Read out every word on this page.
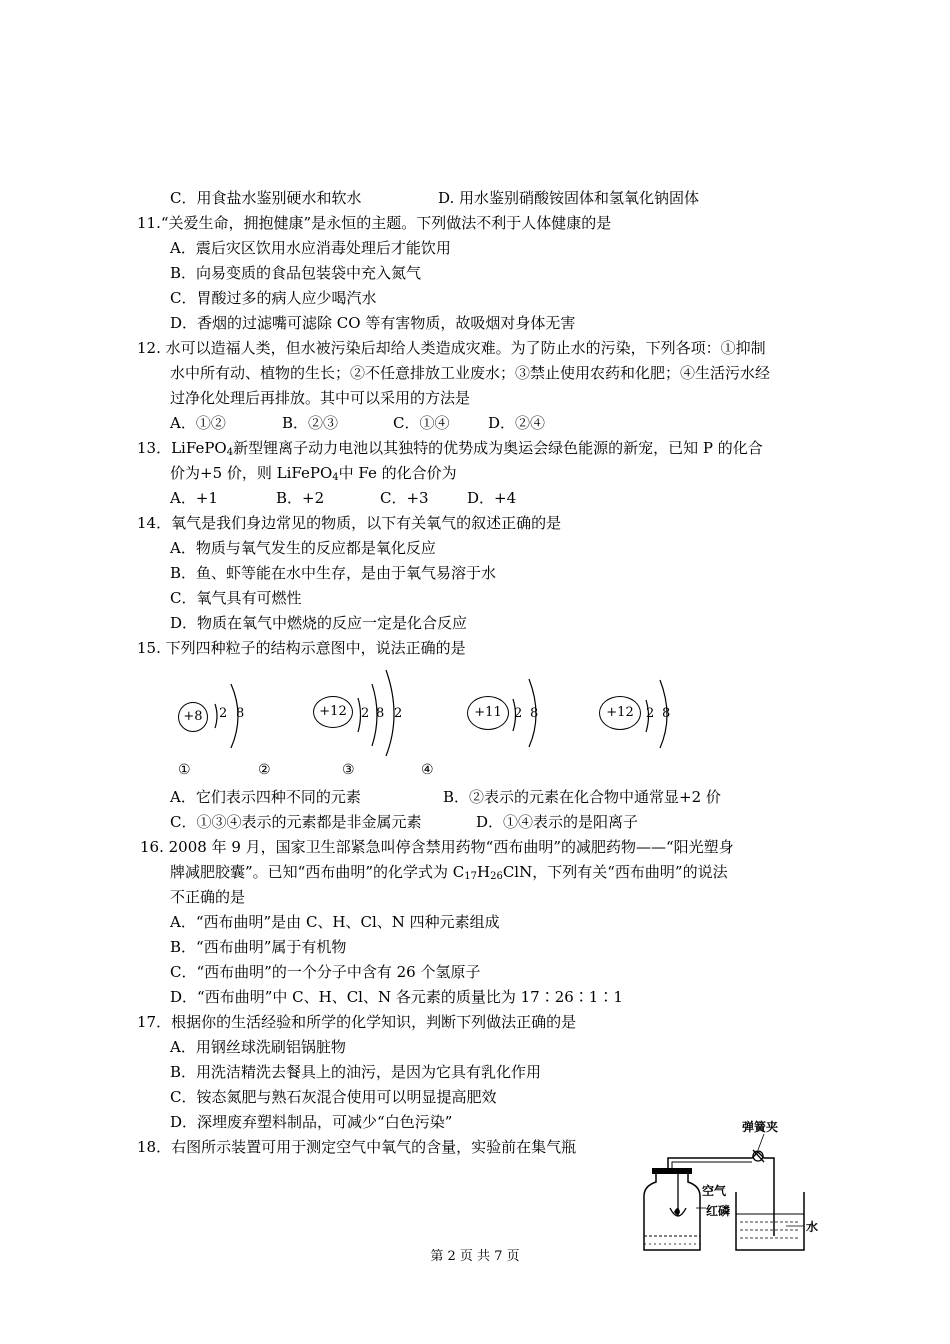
C．用食盐水鉴别硬水和软水	D. 用水鉴别硝酸铵固体和氢氧化钠固体
11.“关爱生命，拥抱健康”是永恒的主题。下列做法不利于人体健康的是
A．震后灾区饮用水应消毒处理后才能饮用
B．向易变质的食品包装袋中充入氮气
C．胃酸过多的病人应少喝汽水
D．香烟的过滤嘴可滤除 CO 等有害物质，故吸烟对身体无害
12. 水可以造福人类，但水被污染后却给人类造成灾难。为了防止水的污染，下列各项：①抑制
水中所有动、植物的生长；②不任意排放工业废水；③禁止使用农药和化肥；④生活污水经
过净化处理后再排放。其中可以采用的方法是
A．①②	B．②③	C．①④	D．②④
13．LiFePO$_4$新型锂离子动力电池以其独特的优势成为奥运会绿色能源的新宠，已知 P 的化合
价为+5 价，则 LiFePO$_4$中 Fe 的化合价为
A．+1	B．+2	C．+3	D．+4
14．氧气是我们身边常见的物质，以下有关氧气的叙述正确的是
A．物质与氧气发生的反应都是氧化反应
B．鱼、虾等能在水中生存，是由于氧气易溶于水
C．氧气具有可燃性
D．物质在氧气中燃烧的反应一定是化合反应
15. 下列四种粒子的结构示意图中，说法正确的是
+8	2 8
①
+12	2 8 2
②
+11 2 8
③
+12 2 8
④
A．它们表示四种不同的元素	B．②表示的元素在化合物中通常显+2 价
C．①③④表示的元素都是非金属元素	D．①④表示的是阳离子
16. 2008 年 9 月，国家卫生部紧急叫停含禁用药物“西布曲明”的减肥药物——“阳光塑身
牌减肥胶囊”。已知“西布曲明”的化学式为 $C_{17}H_{26}ClN$，下列有关“西布曲明”的说法
不正确的是
A．“西布曲明”是由 C、H、Cl、N 四种元素组成
B．“西布曲明”属于有机物
C．“西布曲明”的一个分子中含有 26 个氢原子
D．“西布曲明”中 C、H、Cl、N 各元素的质量比为 17∶26∶1∶1
17．根据你的生活经验和所学的化学知识，判断下列做法正确的是
A．用钢丝球洗刷铝锅脏物
B．用洗洁精洗去餐具上的油污，是因为它具有乳化作用
C．铵态氮肥与熟石灰混合使用可以明显提高肥效
D．深埋废弃塑料制品，可减少“白色污染”
18．右图所示装置可用于测定空气中氧气的含量，实验前在集气瓶
弹簧夹
空气
红磷
水
第 2 页 共 7 页
